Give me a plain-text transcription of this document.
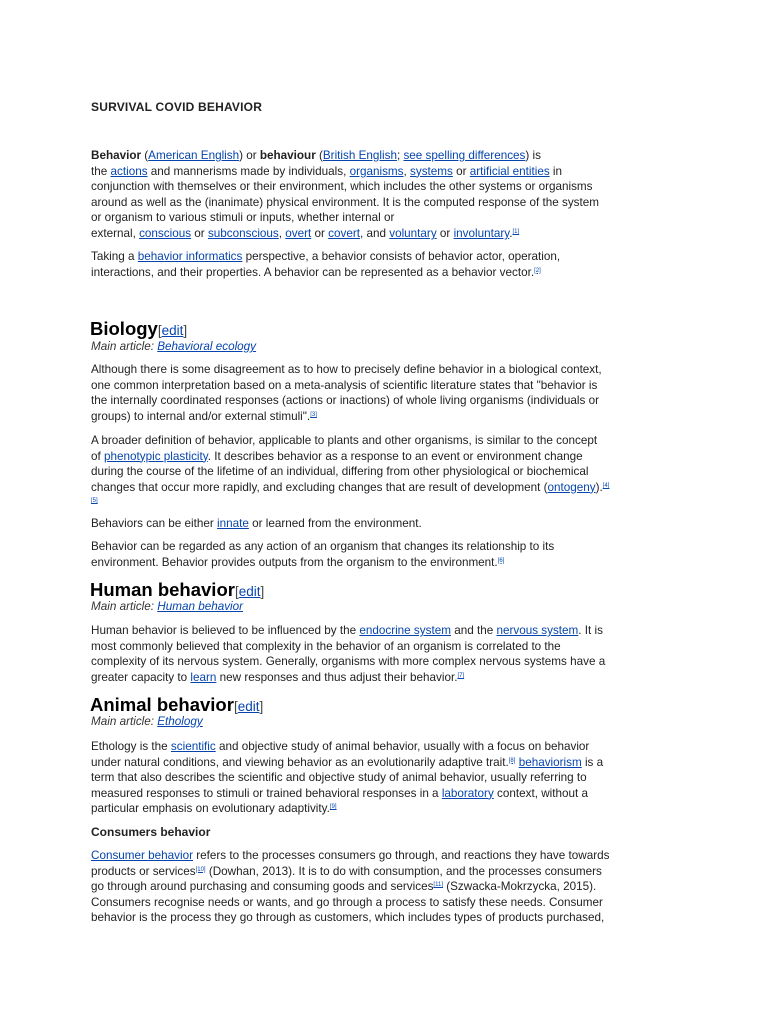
SURVIVAL COVID BEHAVIOR

Behavior (American English) or behaviour (British English; see spelling differences) is
the actions and mannerisms made by individuals, organisms, systems or artificial entities in
conjunction with themselves or their environment, which includes the other systems or organisms
around as well as the (inanimate) physical environment. It is the computed response of the system
or organism to various stimuli or inputs, whether internal or
external, conscious or subconscious, overt or covert, and voluntary or involuntary.[1]

Taking a behavior informatics perspective, a behavior consists of behavior actor, operation,
interactions, and their properties. A behavior can be represented as a behavior vector.[2]

Biology[edit]
Main article: Behavioral ecology

Although there is some disagreement as to how to precisely define behavior in a biological context,
one common interpretation based on a meta-analysis of scientific literature states that "behavior is
the internally coordinated responses (actions or inactions) of whole living organisms (individuals or
groups) to internal and/or external stimuli".[3]

A broader definition of behavior, applicable to plants and other organisms, is similar to the concept
of phenotypic plasticity. It describes behavior as a response to an event or environment change
during the course of the lifetime of an individual, differing from other physiological or biochemical
changes that occur more rapidly, and excluding changes that are result of development (ontogeny).[4]
[5]

Behaviors can be either innate or learned from the environment.

Behavior can be regarded as any action of an organism that changes its relationship to its
environment. Behavior provides outputs from the organism to the environment.[6]

Human behavior[edit]
Main article: Human behavior

Human behavior is believed to be influenced by the endocrine system and the nervous system. It is
most commonly believed that complexity in the behavior of an organism is correlated to the
complexity of its nervous system. Generally, organisms with more complex nervous systems have a
greater capacity to learn new responses and thus adjust their behavior.[7]

Animal behavior[edit]
Main article: Ethology

Ethology is the scientific and objective study of animal behavior, usually with a focus on behavior
under natural conditions, and viewing behavior as an evolutionarily adaptive trait.[8] behaviorism is a
term that also describes the scientific and objective study of animal behavior, usually referring to
measured responses to stimuli or trained behavioral responses in a laboratory context, without a
particular emphasis on evolutionary adaptivity.[9]

Consumers behavior

Consumer behavior refers to the processes consumers go through, and reactions they have towards
products or services[10] (Dowhan, 2013). It is to do with consumption, and the processes consumers
go through around purchasing and consuming goods and services[11] (Szwacka-Mokrzycka, 2015).
Consumers recognise needs or wants, and go through a process to satisfy these needs. Consumer
behavior is the process they go through as customers, which includes types of products purchased,
